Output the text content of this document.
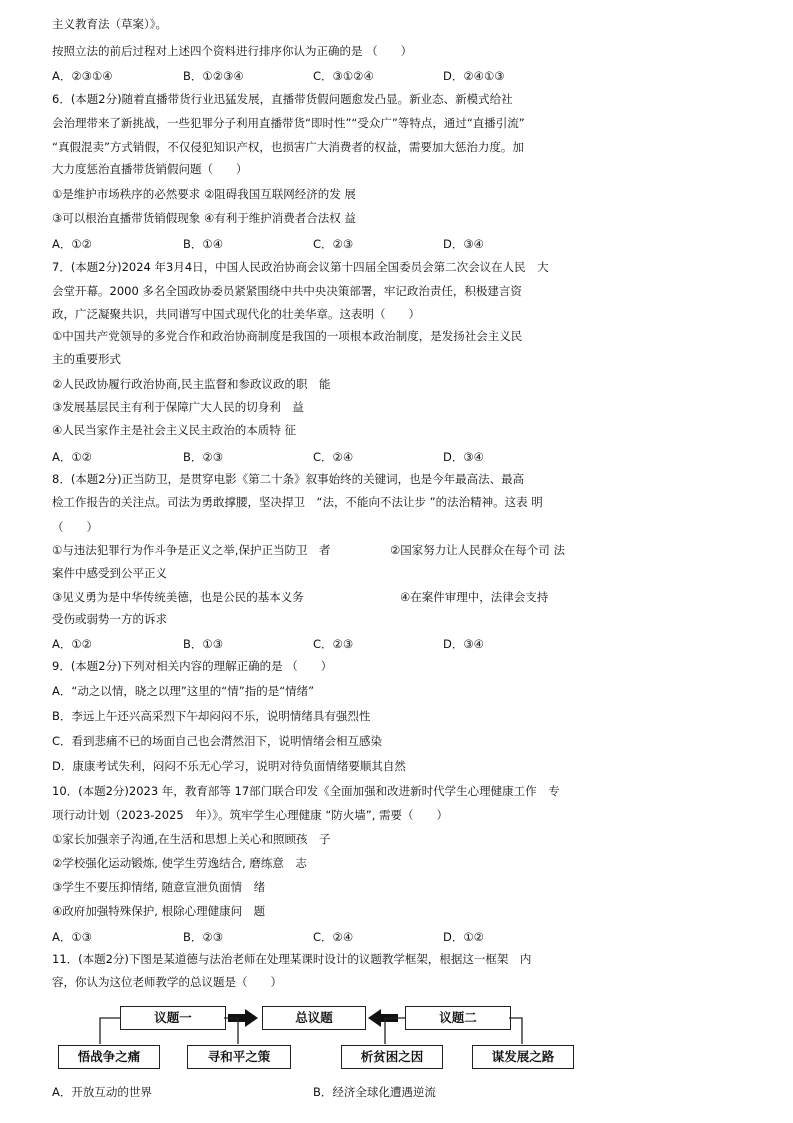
主义教育法（草案）》。
按照立法的前后过程对上述四个资料进行排序你认为正确的是 （　　）
A．②③①④	B．①②③④	C．③①②④	D．②④①③
6．(本题2分)随着直播带货行业迅猛发展，直播带货假问题愈发凸显。新业态、新模式给社
会治理带来了新挑战，一些犯罪分子利用直播带货“即时性”“受众广”等特点，通过“直播引流”
“真假混卖”方式销假，不仅侵犯知识产权，也损害广大消费者的权益，需要加大惩治力度。加
大力度惩治直播带货销假问题（　　）
①是维护市场秩序的必然要求 ②阻碍我国互联网经济的发 展
③可以根治直播带货销假现象 ④有利于维护消费者合法权 益
A．①②	B．①④	C．②③	D．③④
7．(本题2分)2024 年3月4日，中国人民政治协商会议第十四届全国委员会第二次会议在人民　大
会堂开幕。2000 多名全国政协委员紧紧围绕中共中央决策部署，牢记政治责任，积极建言资
政，广泛凝聚共识，共同谱写中国式现代化的壮美华章。这表明（　　）
①中国共产党领导的多党合作和政治协商制度是我国的一项根本政治制度，是发扬社会主义民
主的重要形式
②人民政协履行政治协商,民主监督和参政议政的职　能
③发展基层民主有利于保障广大人民的切身利　益
④人民当家作主是社会主义民主政治的本质特 征
A．①②	B．②③	C．②④	D．③④
8．(本题2分)正当防卫，是贯穿电影《第二十条》叙事始终的关键词，也是今年最高法、最高
检工作报告的关注点。司法为勇敢撑腰，坚决捍卫　“法，不能向不法让步 ”的法治精神。这表 明
（　　）
①与违法犯罪行为作斗争是正义之举,保护正当防卫　者	②国家努力让人民群众在每个司 法
案件中感受到公平正义
③见义勇为是中华传统美德，也是公民的基本义务	④在案件审理中，法律会支持
受伤或弱势一方的诉求
A．①②	B．①③	C．②③	D．③④
9．(本题2分)下列对相关内容的理解正确的是 （　　）
A．“动之以情，晓之以理”这里的“情”指的是“情绪”
B．李远上午还兴高采烈下午却闷闷不乐，说明情绪具有强烈性
C．看到悲痛不已的场面自己也会潸然泪下，说明情绪会相互感染
D．康康考试失利，闷闷不乐无心学习，说明对待负面情绪要顺其自然
10．(本题2分)2023 年，教育部等 17部门联合印发《全面加强和改进新时代学生心理健康工作　专
项行动计划（2023-2025　年）》。筑牢学生心理健康 “防火墙”, 需要（　　）
①家长加强亲子沟通,在生活和思想上关心和照顾孩　子
②学校强化运动锻炼, 使学生劳逸结合, 磨练意　志
③学生不要压抑情绪, 随意宣泄负面情　绪
④政府加强特殊保护, 根除心理健康问　题
A．①③	B．②③	C．②④	D．①②
11．(本题2分)下图是某道德与法治老师在处理某课时设计的议题教学框架，根据这一框架　内
容，你认为这位老师教学的总议题是（　　）
议题一	总议题	议题二
悟战争之痛	寻和平之策	析贫困之因	谋发展之路
A．开放互动的世界	B．经济全球化遭遇逆流
